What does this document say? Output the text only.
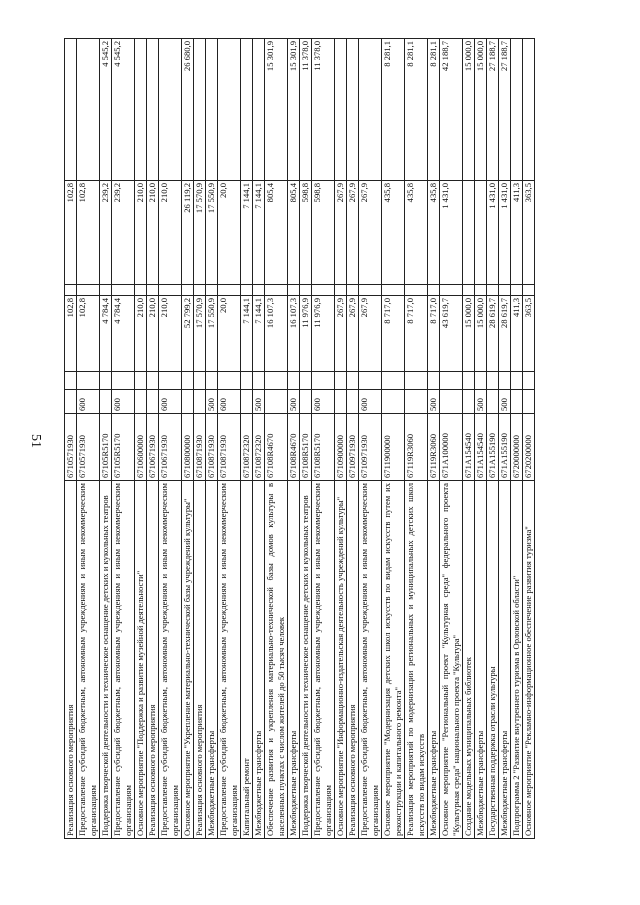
51
Реализация основного мероприятия	6710571930			102,8		102,8	
Предоставление субсидий бюджетным, автономным учреждениям и иным некоммерческим организациям	6710571930	600		102,8		102,8	
Поддержка творческой деятельности и техническое оснащение детских и кукольных театров	67105R5170			4 784,4		239,2	4 545,2
Предоставление субсидий бюджетным, автономным учреждениям и иным некоммерческим организациям	67105R5170	600		4 784,4		239,2	4 545,2
Основное мероприятие "Поддержка и развитие музейной деятельности"	6710600000			210,0		210,0	
Реализация основного мероприятия	6710671930			210,0		210,0	
Предоставление субсидий бюджетным, автономным учреждениям и иным некоммерческим организациям	6710671930	600		210,0		210,0	
Основное мероприятие "Укрепление материально-технической базы учреждений культуры"	6710800000			52 799,2		26 119,2	26 680,0
Реализация основного мероприятия	6710871930			17 570,9		17 570,9	
Межбюджетные трансферты	6710871930	500		17 550,9		17 550,9	
Предоставление субсидий бюджетным, автономным учреждениям и иным некоммерческим организациям	6710871930	600		20,0		20,0	
Капитальный ремонт	6710872320			7 144,1		7 144,1	
Межбюджетные трансферты	6710872320	500		7 144,1		7 144,1	
Обеспечение развития и укрепления материально-технической базы домов культуры в населенных пунктах с числом жителей до 50 тысяч человек	67108R4670			16 107,3		805,4	15 301,9
Межбюджетные трансферты	67108R4670	500		16 107,3		805,4	15 301,9
Поддержка творческой деятельности и техническое оснащение детских и кукольных театров	67108R5170			11 976,9		598,8	11 378,0
Предоставление субсидий бюджетным, автономным учреждениям и иным некоммерческим организациям	67108R5170	600		11 976,9		598,8	11 378,0
Основное мероприятие "Информационно-издательская деятельность учреждений культуры"	6710900000			267,9		267,9	
Реализация основного мероприятия	6710971930			267,9		267,9	
Предоставление субсидий бюджетным, автономным учреждениям и иным некоммерческим организациям	6710971930	600		267,9		267,9	
Основное мероприятие "Модернизация детских школ искусств по видам искусств путем их реконструкции и капитального ремонта"	6711900000			8 717,0		435,8	8 281,1
Реализация мероприятий по модернизации региональных и муниципальных детских школ искусств по видам искусств	67119R3060			8 717,0		435,8	8 281,1
Межбюджетные трансферты	67119R3060	500		8 717,0		435,8	8 281,1
Основное мероприятие "Региональный проект "Культурная среда" федерального проекта "Культурная среда" национального проекта "Культура"	671A100000			43 619,7		1 431,0	42 188,7
Создание модельных муниципальных библиотек	671A154540			15 000,0			15 000,0
Межбюджетные трансферты	671A154540	500		15 000,0			15 000,0
Государственная поддержка отрасли культуры	671A155190			28 619,7		1 431,0	27 188,7
Межбюджетные трансферты	671A155190	500		28 619,7		1 431,0	27 188,7
Подпрограмма 2 "Развитие внутреннего туризма в Орловской области"	6720000000			411,3		411,3	
Основное мероприятие "Рекламно-информационное обеспечение развития туризма"	6720200000			363,5		363,5	
